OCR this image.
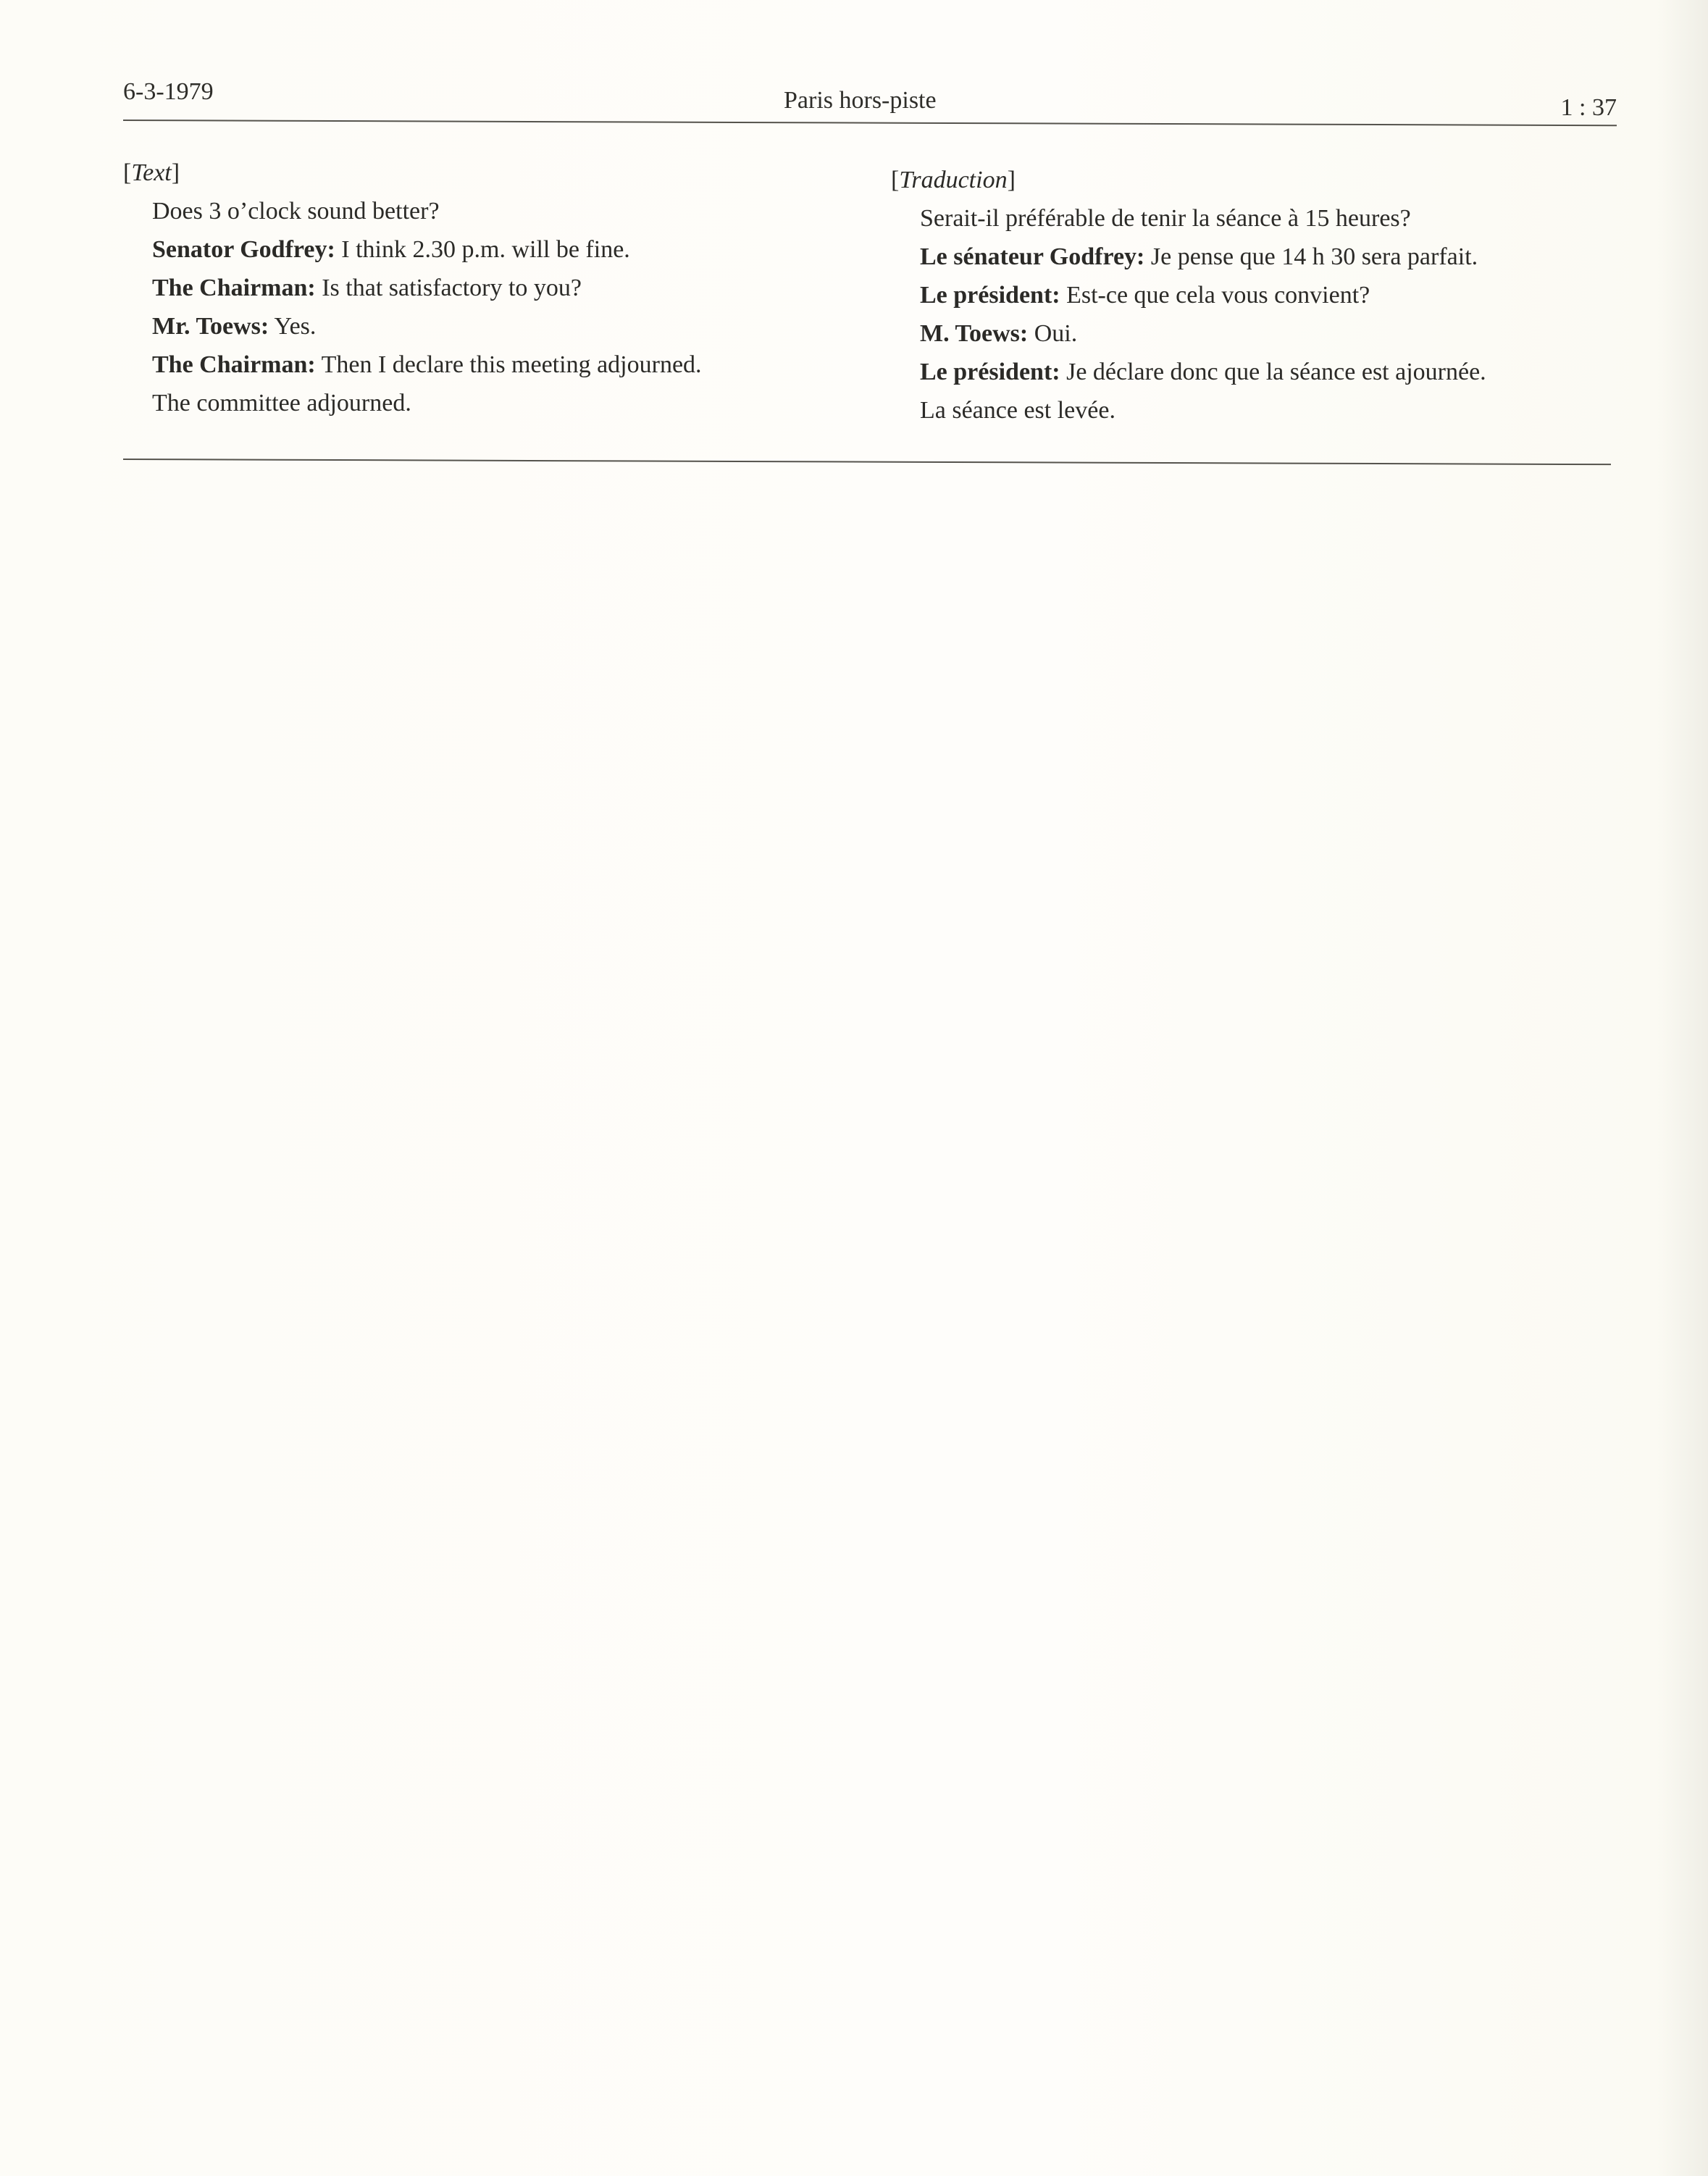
6-3-1979	Paris hors-piste	1 : 37
[Text]
Does 3 o’clock sound better?
Senator Godfrey: I think 2.30 p.m. will be fine.
The Chairman: Is that satisfactory to you?
Mr. Toews: Yes.
The Chairman: Then I declare this meeting adjourned.
The committee adjourned.
[Traduction]
Serait-il préférable de tenir la séance à 15 heures?
Le sénateur Godfrey: Je pense que 14 h 30 sera parfait.
Le président: Est-ce que cela vous convient?
M. Toews: Oui.
Le président: Je déclare donc que la séance est ajournée.
La séance est levée.
